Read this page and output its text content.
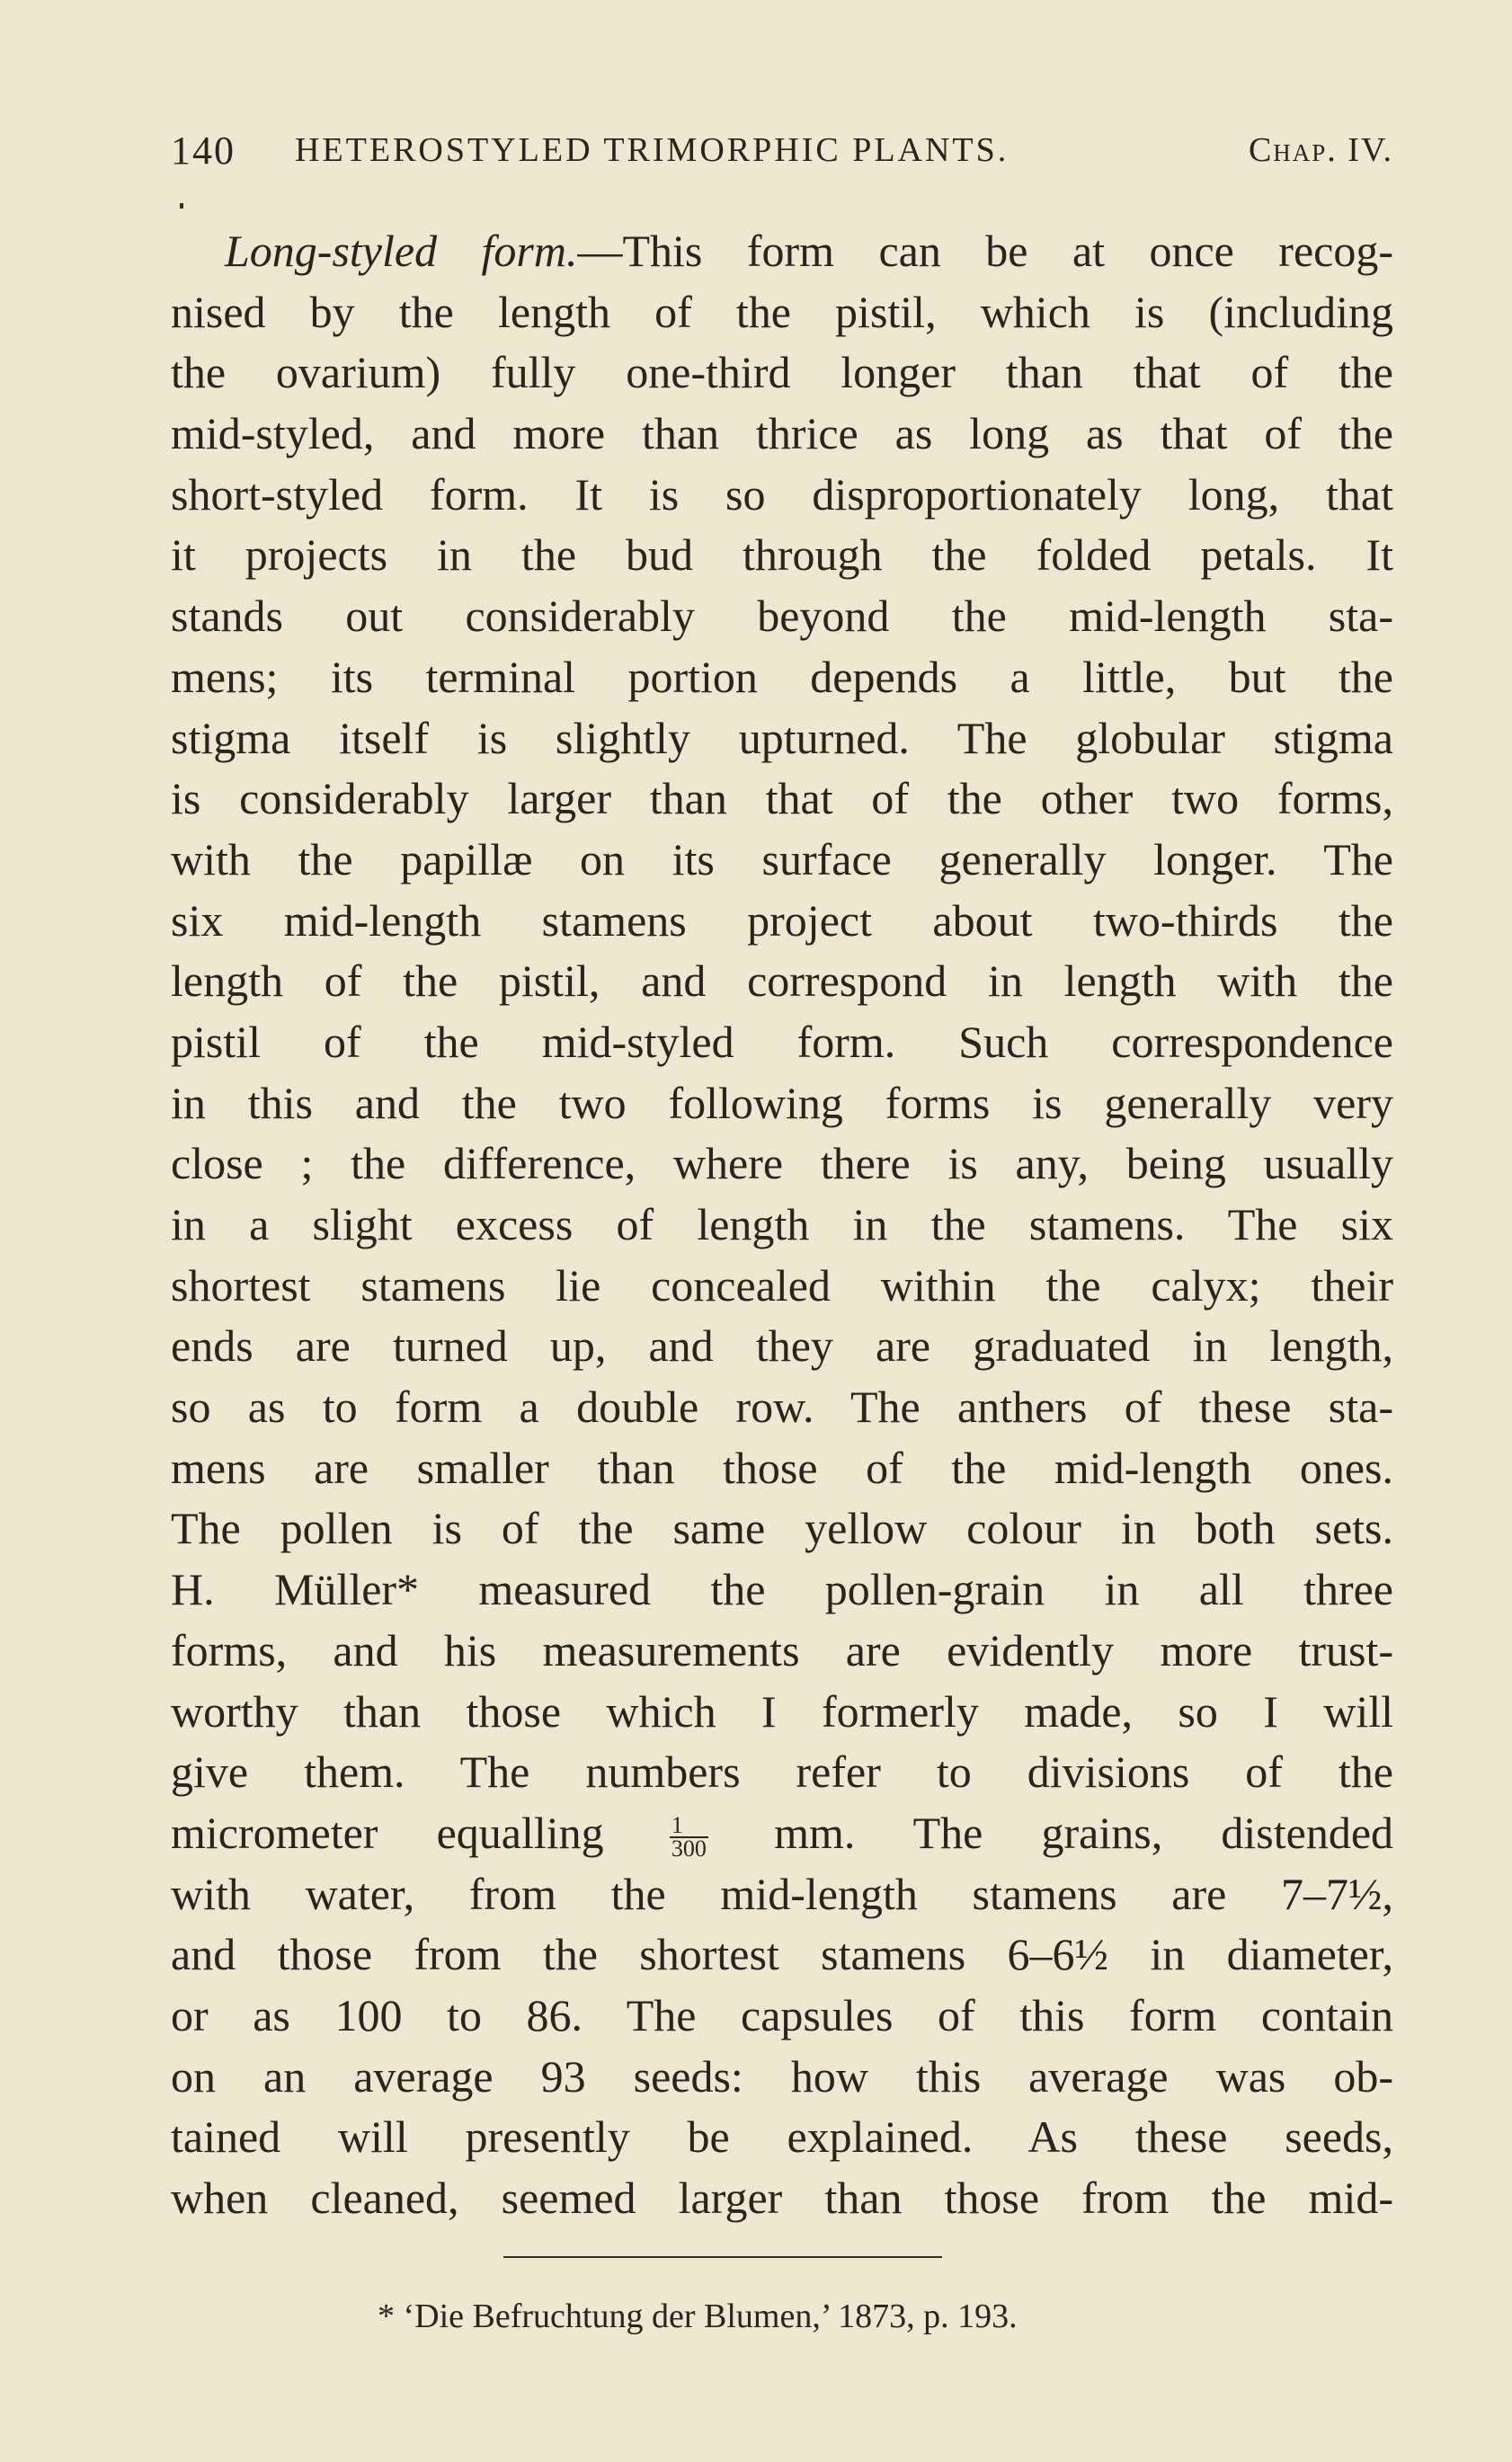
140 HETEROSTYLED TRIMORPHIC PLANTS.	Chap. IV.
Long-styled form.—This form can be at once recog-
nised by the length of the pistil, which is (including
the ovarium) fully one-third longer than that of the
mid-styled, and more than thrice as long as that of the
short-styled form. It is so disproportionately long, that
it projects in the bud through the folded petals. It
stands out considerably beyond the mid-length sta-
mens; its terminal portion depends a little, but the
stigma itself is slightly upturned. The globular stigma
is considerably larger than that of the other two forms,
with the papillæ on its surface generally longer. The
six mid-length stamens project about two-thirds the
length of the pistil, and correspond in length with the
pistil of the mid-styled form. Such correspondence
in this and the two following forms is generally very
close ; the difference, where there is any, being usually
in a slight excess of length in the stamens. The six
shortest stamens lie concealed within the calyx; their
ends are turned up, and they are graduated in length,
so as to form a double row. The anthers of these sta-
mens are smaller than those of the mid-length ones.
The pollen is of the same yellow colour in both sets.
H. Müller* measured the pollen-grain in all three
forms, and his measurements are evidently more trust-
worthy than those which I formerly made, so I will
give them. The numbers refer to divisions of the
micrometer equalling	$\frac{1}{300}$ mm. The grains, distended
with water, from the mid-length stamens are 7–7½,
and those from the shortest stamens 6–6½ in diameter,
or as 100 to 86. The capsules of this form contain
on an average 93 seeds: how this average was ob-
tained will presently be explained. As these seeds,
when cleaned, seemed larger than those from the mid-
* ‘Die Befruchtung der Blumen,’ 1873, p. 193.
